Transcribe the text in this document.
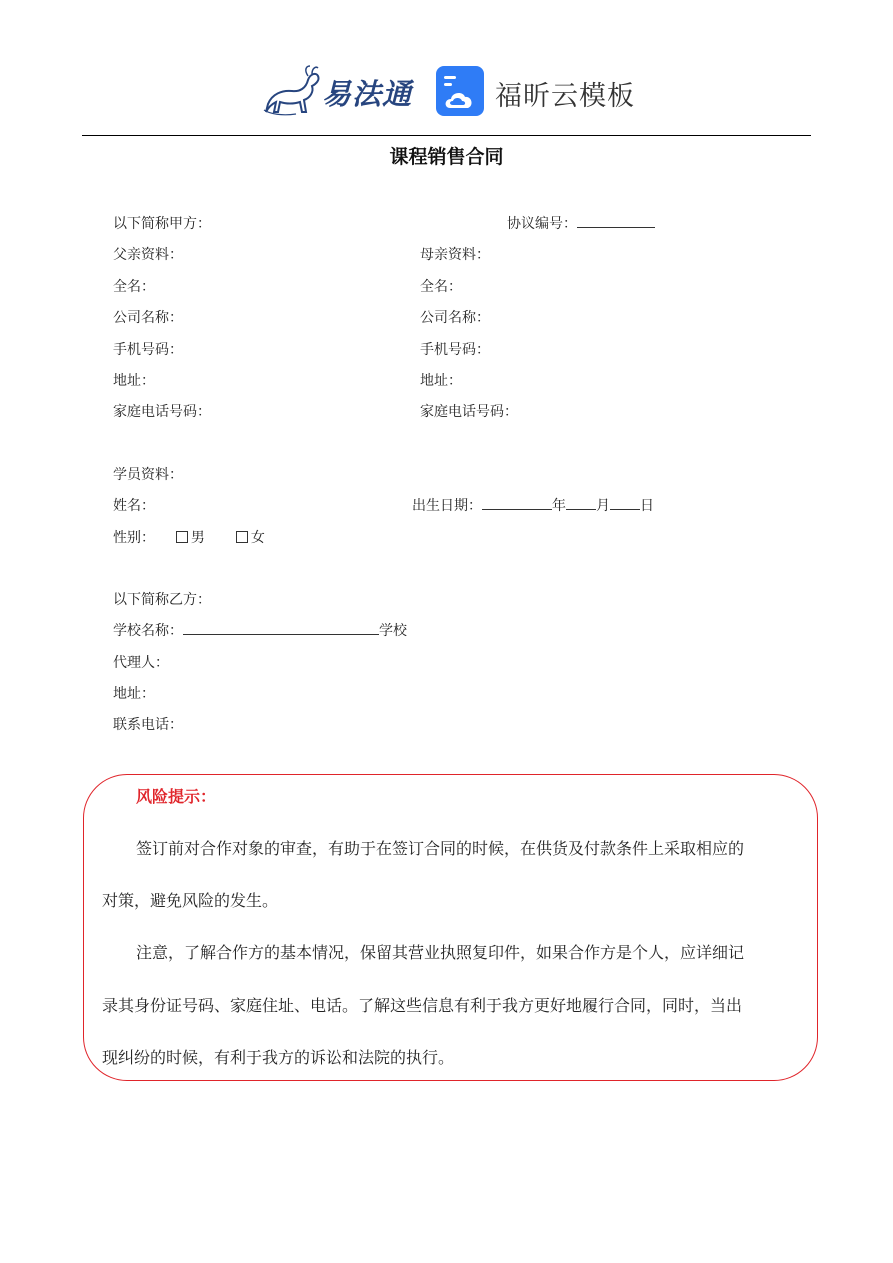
易法通	福昕云模板
课程销售合同
以下简称甲方：	协议编号：
父亲资料：	母亲资料：
全名：	全名：
公司名称：	公司名称：
手机号码：	手机号码：
地址：	地址：
家庭电话号码：	家庭电话号码：
学员资料：
姓名：	出生日期：	年 月 日
性别：	男	女
以下简称乙方：
学校名称：	学校
代理人：
地址：
联系电话：
风险提示：
签订前对合作对象的审查，有助于在签订合同的时候，在供货及付款条件上采取相应的
对策，避免风险的发生。
注意，了解合作方的基本情况，保留其营业执照复印件，如果合作方是个人，应详细记
录其身份证号码、家庭住址、电话。了解这些信息有利于我方更好地履行合同，同时，当出
现纠纷的时候，有利于我方的诉讼和法院的执行。
